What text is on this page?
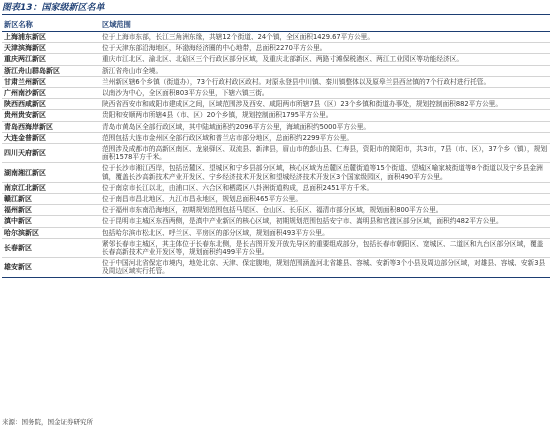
图表13：国家级新区名单
新区名称	区域范围
上海浦东新区	位于上海市东部，长江三角洲东缘，共辖12个街道、24个镇，全区面积1429.67平方公里。
天津滨海新区	位于天津东部沿海地区，环渤海经济圈的中心地带，总面积2270平方公里。
重庆两江新区	重庆市江北区、渝北区、北碚区三个行政区部分区域，及重庆北部新区、两路寸滩保税港区、两江工业园区等功能经济区。
浙江舟山群岛新区	浙江省舟山市全境。
甘肃兰州新区	兰州新区辖6个乡镇（街道办），73个行政村政区政村。对原永登县中川镇、秦川镇整体以及原皋兰县西岔镇的7个行政村进行托管。
广州南沙新区	以南沙为中心，全区面积803平方公里，下辖六镇三街。
陕西西咸新区	陕西省西安市和咸阳市建成区之间，区域范围涉及西安、咸阳两市所辖7县（区）23个乡镇和街道办事处，规划控制面积882平方公里。
贵州贵安新区	贵阳和安顺两市所辖4县（市、区）20个乡镇，规划控制面积1795平方公里。
青岛西海岸新区	青岛市黄岛区全部行政区域，其中陆域面积约2096平方公里，海域面积约5000平方公里。
大连金普新区	范围包括大连市金州区全部行政区域和普兰店市部分地区，总面积约2299平方公里。
四川天府新区	范围涉及成都市的高新区南区、龙泉驿区、双流县、新津县，眉山市的彭山县、仁寿县，资阳市的简阳市，共3市，7县（市、区），37个乡（镇），规划面积1578平方千米。
湖南湘江新区	位于长沙市湘江西岸，包括岳麓区、望城区和宁乡县部分区域，核心区域为岳麓区岳麓街道等15个街道、望城区喻家坡街道等8个街道以及宁乡县金洲镇，覆盖长沙高新技术产业开发区、宁乡经济技术开发区和望城经济技术开发区3个国家级园区，面积490平方公里。
南京江北新区	位于南京市长江以北，由浦口区、六合区和栖霞区八卦洲街道构成，总面积2451平方千米。
赣江新区	位于南昌市昌北地区、九江市昌永地区，规划总面积465平方公里。
福州新区	位于福州市东南沿海地区，初期规划范围包括马尾区、仓山区、长乐区、福清市部分区域，规划面积800平方公里。
滇中新区	位于昆明市主城区东西两侧，是滇中产业新区的核心区域，初期规划范围包括安宁市、嵩明县和官渡区部分区域，面积约482平方公里。
哈尔滨新区	包括哈尔滨市松北区、呼兰区、平房区的部分区域，规划面积493平方公里。
长春新区	紧邻长春市主城区，其主体位于长春东北侧，是长吉图开发开放先导区的重要组成部分，包括长春市朝阳区、宽城区、二道区和九台区部分区域，覆盖长春高新技术产业开发区等，规划面积约499平方公里。
雄安新区	位于中国河北省保定市境内，地处北京、天津、保定腹地，规划范围涵盖河北省雄县、容城、安新等3个小县及周边部分区域，对雄县、容城、安新3县及周边区域实行托管。
来源：国务院，国金证券研究所
